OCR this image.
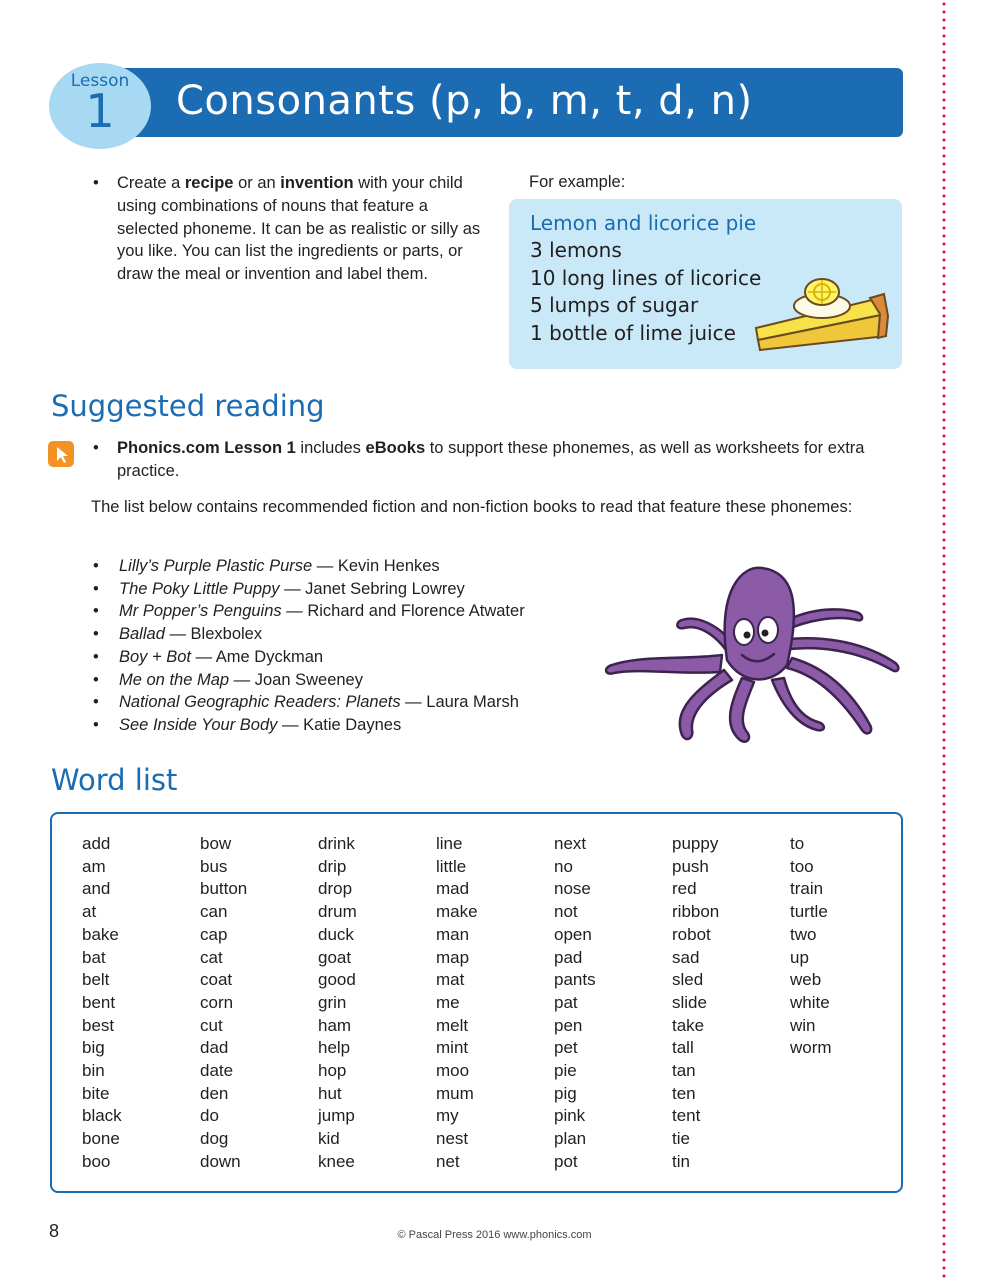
Consonants (p, b, m, t, d, n)
Lesson
1
• Create a recipe or an invention with your child using combinations of nouns that feature a selected phoneme. It can be as realistic or silly as you like. You can list the ingredients or parts, or draw the meal or invention and label them.
For example:
Lemon and licorice pie
3 lemons
10 long lines of licorice
5 lumps of sugar
1 bottle of lime juice
Suggested reading
• Phonics.com Lesson 1 includes eBooks to support these phonemes, as well as worksheets for extra practice.
The list below contains recommended fiction and non-fiction books to read that feature these phonemes:
• Lilly’s Purple Plastic Purse — Kevin Henkes
• The Poky Little Puppy — Janet Sebring Lowrey
• Mr Popper’s Penguins — Richard and Florence Atwater
• Ballad — Blexbolex
• Boy + Bot — Ame Dyckman
• Me on the Map — Joan Sweeney
• National Geographic Readers: Planets — Laura Marsh
• See Inside Your Body — Katie Daynes
Word list
add
am
and
at
bake
bat
belt
bent
best
big
bin
bite
black
bone
boo
bow
bus
button
can
cap
cat
coat
corn
cut
dad
date
den
do
dog
down
drink
drip
drop
drum
duck
goat
good
grin
ham
help
hop
hut
jump
kid
knee
line
little
mad
make
man
map
mat
me
melt
mint
moo
mum
my
nest
net
next
no
nose
not
open
pad
pants
pat
pen
pet
pie
pig
pink
plan
pot
puppy
push
red
ribbon
robot
sad
sled
slide
take
tall
tan
ten
tent
tie
tin
to
too
train
turtle
two
up
web
white
win
worm
8	© Pascal Press 2016 www.phonics.com
